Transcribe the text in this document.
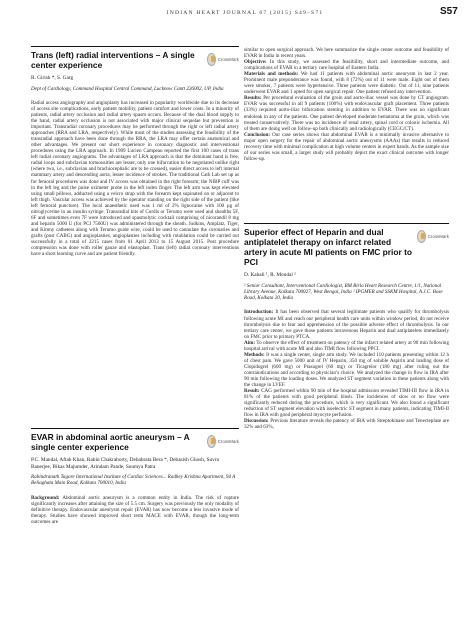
INDIAN HEART JOURNAL 67 (2015) S49–S71	S57
Trans (left) radial interventions – A single center experience
CrossMark
R. Girish *, S. Garg
Dept of Cardiology, Command Hospital Central Command, Lucknow Cantt 226002, UP, India

Radial access angiography and angioplasty has increased in popularity worldwide due to its decrease of access site complications, early patient mobility, patient comfort and lower costs. In a minority of patients, radial artery occlusion and radial artery spasm occurs. Because of the dual blood supply to the hand, radial artery occlusion is not associated with major clinical sequelae but prevention is important. Transradial coronary procedures may be performed through the right or left radial artery approaches (RRA and LRA, respectively). While most of the studies assessing the feasibility of the transradial approach have been done through the RRA, the LRA may offer certain anatomical and other advantages. We present our short experience in coronary diagnostic and interventional procedures using the LRA approach. In 1989 Lucien Campeau reported the first 100 cases of trans left radial coronary angiograms. The advantages of LRA approach is that the dominant hand is free, radial loops and subclavian tortuousities are lesser, only one bifurcation to be negotiated unlike right (where two, i.e., subclavian and brachiocephalic are to be crossed), easier direct access to left internal mammary artery and descending aorta, lesser incidence of strokes. The traditional Cath Lab set up as for femoral procedures was done and IV access was obtained in the right forearm; the NIBP cuff was in the left leg and the pulse oximeter probe in the left index finger. The left arm was kept elevated using small pillows, adducted using a velcro strap with the forearm kept supinated on or adjacent to left thigh. Vascular access was achieved by the operator standing on the right side of the patient (like left femoral puncture). The local anaesthetic used was 1 ml of 2% lignocaine with 100 µg of nitroglycerine in an insulin syringe. Transradial kits of Cordis or Terumo were used and shealths 5F, 6F and sometimes even 7F were introduced and spasmolytic cocktail comprising of nicorandil 8 mg and heparin 5000 U (for PCI 7500U) was administered through the sheath. Judkins, Amplatz, Tiger, and Kimny catheters along with Terumo guide wire, could be used to cannulate the coronaries and grafts (post CABG) and angioplasties, angioplasties including with rotablation could be carried out successfully in a total of 2215 cases from 01 April 2013 to 15 August 2015. Post procedure compression was done with roller gauze and elastoplast. Trans (left) radial coronary interventions have a short learning curve and are patient friendly.

EVAR in abdominal aortic aneurysm – A single center experience
CrossMark
P.C. Mandal, Aftab Khan, Rabin Chakraborty, Debabrata Bera *, Debasish Ghosh, Suvro Banerjee, Bikas Majumder, Arindam Pande, Soumya Patra
Rabindranath Tagore International Institute of Cardiac Sciences... Radhey Krishna Apartment, 94 A Beliaghata Main Road, Kolkata 700010, India

Background: Abdominal aortic aneurysm is a common entity in India. The risk of rupture significantly increases after attaining the size of 5.5 cm. Surgery was previously the only modality of definitive therapy. Endovascular aneurysm repair (EVAR) has now become a less invasive mode of therapy. Studies have showed improved short term MACE with EVAR, though the long-term outcomes are

similar to open surgical approach. We here summarize the single center outcome and feasibility of EVAR in India in recent years.

Objective: In this study, we assessed the feasibility, short and intermediate outcome, and complications of EVAR in a tertiary care hospital of Eastern India.

Materials and methods: We had 11 patients with abdominal aortic aneurysm in last 2 year. Prominent male preponderance was found, with 8 (72%) out of 11 were male. Eight out of them were smoker, 7 patients were hypertensive. Three patients were diabetic. Out of 11, nine patients underwent EVAR and 1 opted for open surgical repair. One patient refused any intervention.

Results: Per procedural evaluation of the groin and aorto-iliac vessel was done by CT angiogram. EVAR was successful in all 9 patients (100%) with endovascular graft placement. Three patients (33%) required aorto-iliac bifurcation stenting in addition to EVAR. There was no significant endoleak in any of the patients. One patient developed moderate hematoma at the groin, which was treated conservatively. There was no incidence of renal artery, spinal cord or colonic ischemia. All of them are doing well on follow-up both clinically and radiologically (CEGC/CT).

Conclusion: Our case series shows that abdominal EVAR is a minimally invasive alternative to major open surgery for the repair of abdominal aortic aneurysms (AAAs) that results in reduced recovery time with minimal complication at high volume centers in expert hands. As the sample size of our series was small, a larger study will probably depict the exact clinical outcome with longer follow-up.

Superior effect of Heparin and dual antiplatelet therapy on infarct related artery in acute MI patients on FMC prior to PCI
CrossMark
D. Kahali ¹, R. Mondal ²
¹ Senior Consultant, Interventional Cardiologist, BM Birla Heart Research Centre, 1/1, National Library Avenue, Kolkata 700027, West Bengal, India ² IPGMER and SSKM Hospital, A.J.C. Bose Road, Kolkata 20, India

Introduction: It has been observed that several legitimate patients who qualify for thrombolysis following acute MI and reach our peripheral health care units within window period, do not receive thrombolysis due to fear and apprehension of the possible adverse effect of thrombolysis. In our tertiary care center, we gave those patients intravenous Heparin and dual antiplatelets immediately on FMC prior to primary PTCA.

Aim: To observe the effect of treatment on patency of the infarct related artery at 90 min following hospital arrival with acute MI and also TIMI flow following PPCI.

Methods: It was a single center, single arm study. We included 110 patients presenting within 12 h of chest pain. We gave 5000 unit of IV Heparin, 350 mg of soluble Aspirin and loading dose of Clopidogrel (600 mg) or Prasugrel (60 mg) or Ticagrelor (180 mg) after ruling out the contraindications and according to physician’s choice. We analyzed the change in flow in IRA after 90 min following the loading doses. We analyzed ST segment variation in these patients along with the change in LVEF.

Result: CAG performed within 90 min of the hospital admission revealed TIMI-III flow in IRA in 81% of the patients with good peripheral blush. The incidences of slow or no flow were significantly reduced during the procedure, which is very significant. We also found a significant reduction of ST segment elevation with isoelectric ST segment in many patients, indicating TIMI-II flow in IRA with good peripheral myocyte perfusion.

Discussion: Previous literature reveals the patency of IRA with Streptokinase and Tenecteplase are 32% and 63%,
